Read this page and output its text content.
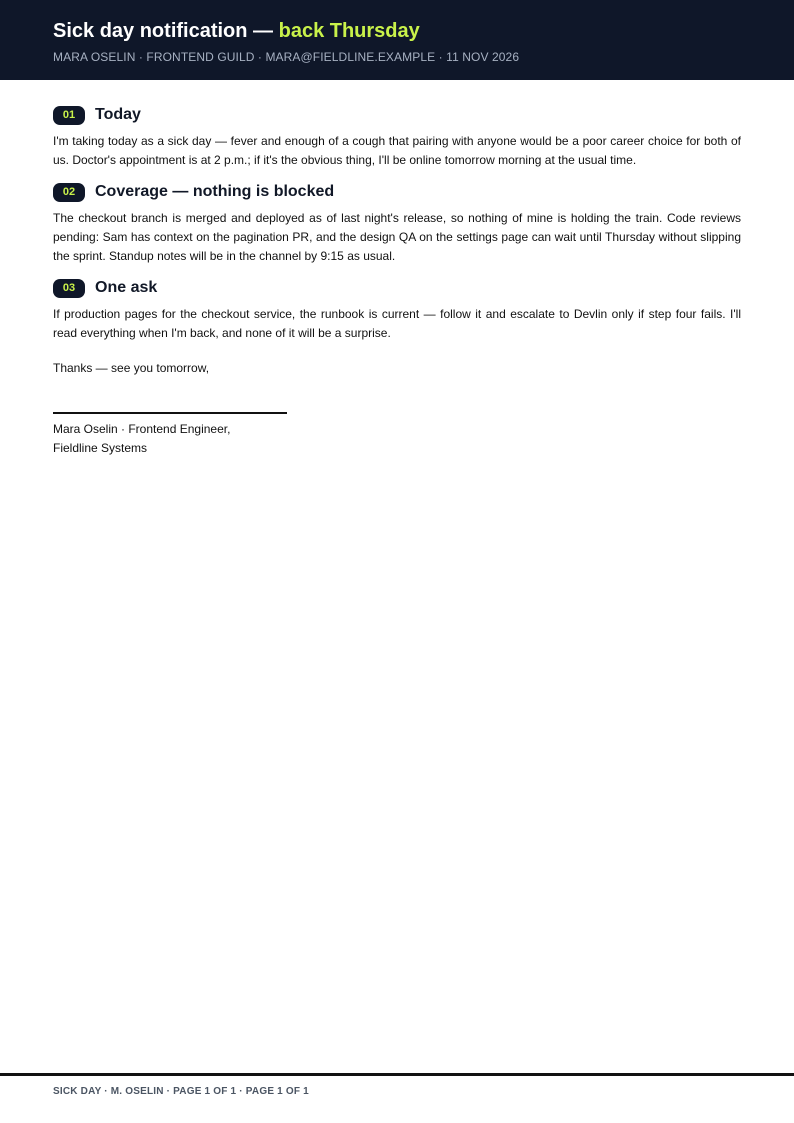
Sick day notification — back Thursday
MARA OSELIN · FRONTEND GUILD · MARA@FIELDLINE.EXAMPLE · 11 NOV 2026
01	Today

I'm taking today as a sick day — fever and enough of a cough that pairing with anyone would be a poor career choice for both of us. Doctor's appointment is at 2 p.m.; if it's the obvious thing, I'll be online tomorrow morning at the usual time.

02	Coverage — nothing is blocked

The checkout branch is merged and deployed as of last night's release, so nothing of mine is holding the train. Code reviews pending: Sam has context on the pagination PR, and the design QA on the settings page can wait until Thursday without slipping the sprint. Standup notes will be in the channel by 9:15 as usual.

03	One ask

If production pages for the checkout service, the runbook is current — follow it and escalate to Devlin only if step four fails. I'll read everything when I'm back, and none of it will be a surprise.

Thanks — see you tomorrow,
Mara Oselin · Frontend Engineer, Fieldline Systems
SICK DAY · M. OSELIN · PAGE 1 OF 1 · PAGE 1 OF 1
